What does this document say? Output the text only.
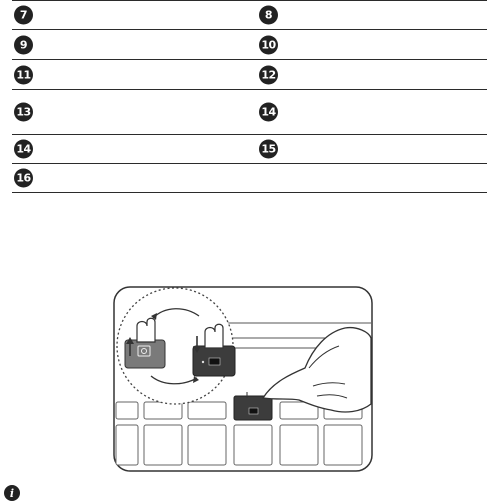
7	8
9	10
11	12
13	14
14	15
16
i
